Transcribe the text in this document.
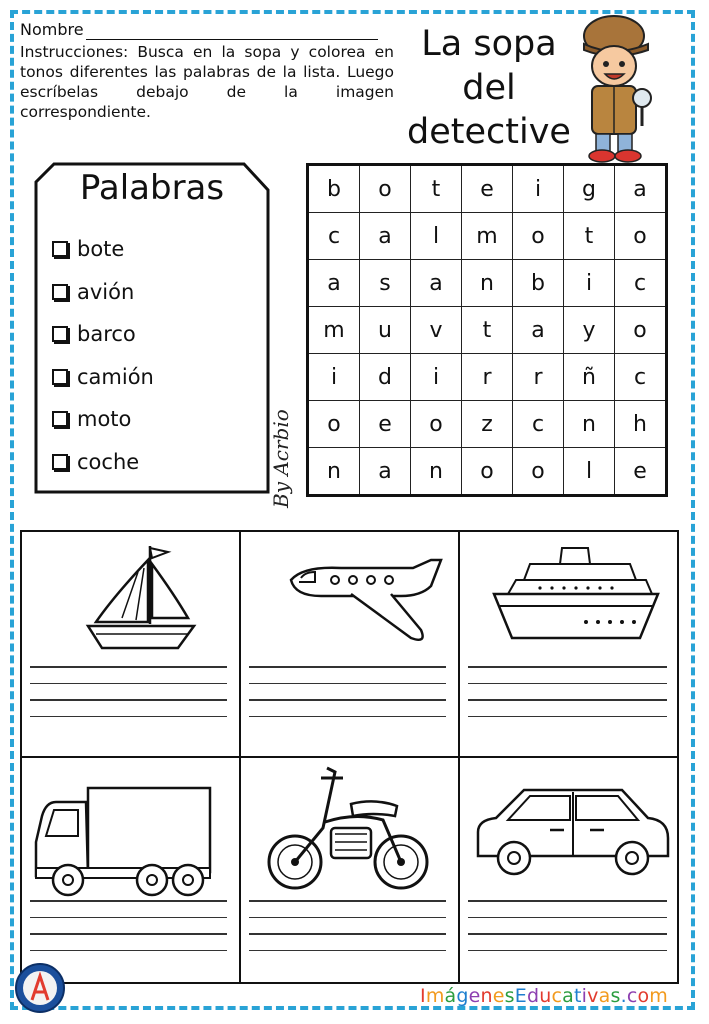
Nombre
Instrucciones: Busca en la sopa y colorea en tonos diferentes las palabras de la lista. Luego escríbelas debajo de la imagen correspondiente.
La sopa
del
detective
Palabras
bote
avión
barco
camión
moto
coche	By Acrbio
b	o	t	e	i	g	a
c	a	l	m	o	t	o
a	s	a	n	b	i	c
m	u	v	t	a	y	o
i	d	i	r	r	ñ	c
o	e	o	z	c	n	h
n	a	n	o	o	l	e
ImágenesEducativas.com
